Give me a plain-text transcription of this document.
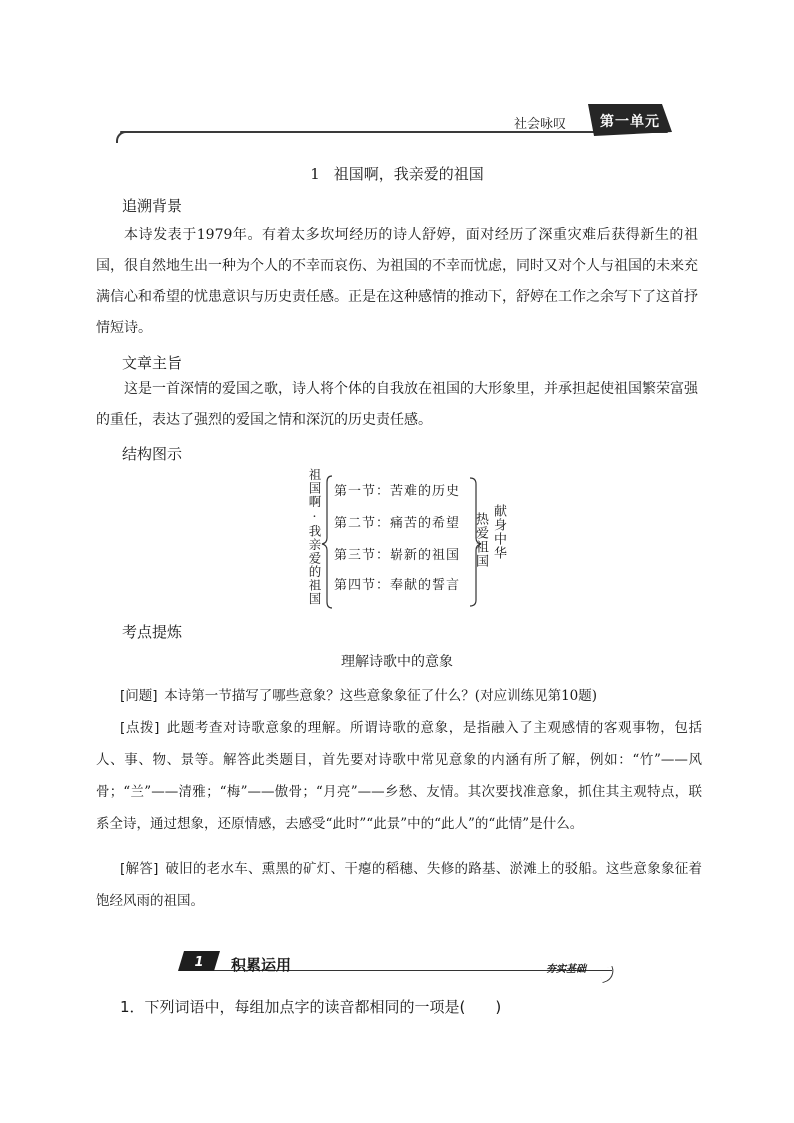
社会咏叹 第一单元
1 祖国啊，我亲爱的祖国
追溯背景

本诗发表于1979年。有着太多坎坷经历的诗人舒婷，面对经历了深重灾难后获得新生的祖国，很自然地生出一种为个人的不幸而哀伤、为祖国的不幸而忧虑，同时又对个人与祖国的未来充满信心和希望的忧患意识与历史责任感。正是在这种感情的推动下，舒婷在工作之余写下了这首抒情短诗。

文章主旨

这是一首深情的爱国之歌，诗人将个体的自我放在祖国的大形象里，并承担起使祖国繁荣富强的重任，表达了强烈的爱国之情和深沉的历史责任感。

结构图示
祖国啊·我亲爱的祖国 第一节：苦难的历史
第二节：痛苦的希望
第三节：崭新的祖国
第四节：奉献的誓言
热爱祖国 献身中华
考点提炼
理解诗歌中的意象

[问题]  本诗第一节描写了哪些意象？这些意象象征了什么？(对应训练见第10题)

[点拨]  此题考查对诗歌意象的理解。所谓诗歌的意象，是指融入了主观感情的客观事物，包括人、事、物、景等。解答此类题目，首先要对诗歌中常见意象的内涵有所了解，例如：“竹”——风骨；“兰”——清雅；“梅”——傲骨；“月亮”——乡愁、友情。其次要找准意象，抓住其主观特点，联系全诗，通过想象，还原情感，去感受“此时”“此景”中的“此人”的“此情”是什么。

[解答]  破旧的老水车、熏黑的矿灯、干瘪的稻穗、失修的路基、淤滩上的驳船。这些意象象征着饱经风雨的祖国。

1 积累运用	夯实基础
1．下列词语中，每组加点字的读音都相同的一项是(　　)
